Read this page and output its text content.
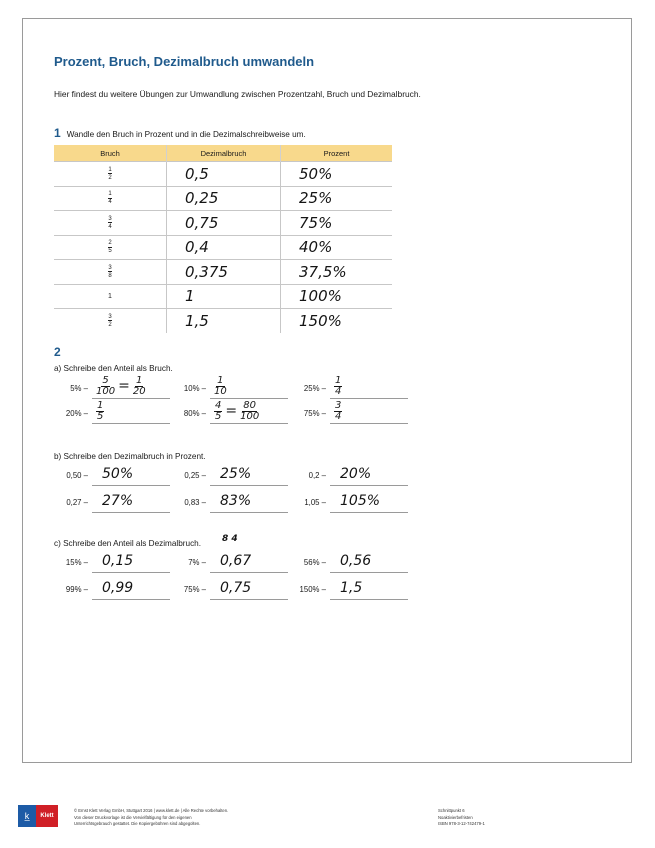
Prozent, Bruch, Dezimalbruch umwandeln
Hier findest du weitere Übungen zur Umwandlung zwischen Prozentzahl, Bruch und Dezimalbruch.
1 Wandle den Bruch in Prozent und in die Dezimalschreibweise um.
Bruch	Dezimalbruch	Prozent

$\frac{1}{2}$	0,5	50%

$\frac{1}{4}$	0,25	25%

$\frac{3}{4}$	0,75	75%

$\frac{2}{5}$	0,4	40%

$\frac{3}{8}$	0,375	37,5%
1	1	100%

$\frac{3}{2}$	1,5	150%
2
a) Schreibe den Anteil als Bruch.
b) Schreibe den Dezimalbruch in Prozent.
c) Schreibe den Anteil als Dezimalbruch. 8 4
$5\% - \frac{5}{100} = \frac{1}{20}$	$10\% - \frac{1}{10}$	$25\% - \frac{1}{4}$
$20\% - \frac{1}{5}$	$80\% - \frac{4}{5} = \frac{80}{100}$	$75\% - \frac{3}{4}$
0,50 – 50%	0,25 – 25%	0,2 – 20%
0,27 – 27%	0,83 – 83%	1,05 – 105%
15% – 0,15	7% – 0,67	56% – 0,56
99% – 0,99	75% – 0,75	150% – 1,5
k̲	Klett
© Ernst Klett Verlag GmbH, Stuttgart 2016 | www.klett.de | Alle Rechte vorbehalten.
Von dieser Druckvorlage ist die Vervielfältigung für den eigenen
Unterrichtsgebrauch gestattet. Die Kopiergebühren sind abgegolten.
Schnittpunkt 6
Noaktivierbefristen
ISBN 978-3-12-742479-1
